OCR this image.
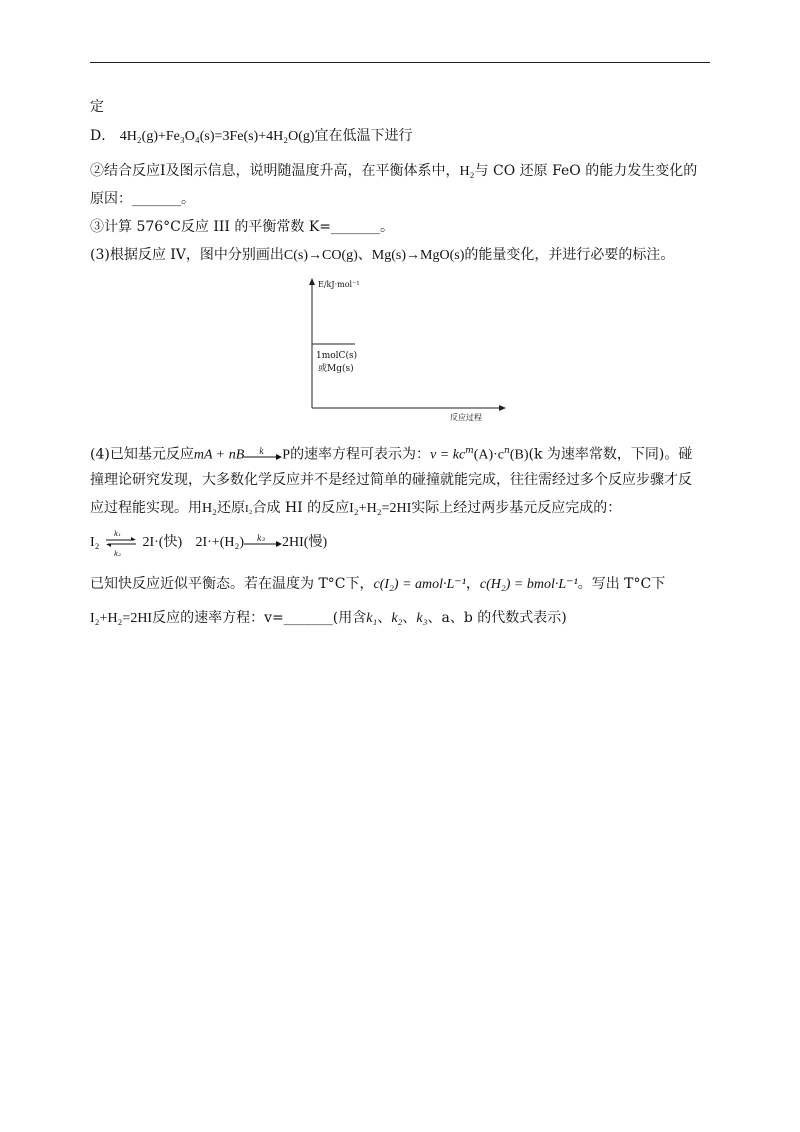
定
D． 4H₂(g)+Fe₃O₄(s)=3Fe(s)+4H₂O(g)宜在低温下进行
②结合反应Ⅰ及图示信息，说明随温度升高，在平衡体系中，H₂与 CO 还原 FeO 的能力发生变化的
原因：_______。
③计算 576°C反应 III 的平衡常数 K=_______。
(3)根据反应 IV，图中分别画出C(s)→CO(g)、Mg(s)→MgO(s)的能量变化，并进行必要的标注。
E/kJ·mol⁻¹
反应过程
1molC(s)
或Mg(s)
(4)已知基元反应mA + nB k P的速率方程可表示为：$v = kc^m(A)\cdot c^n(B)(k$ 为速率常数，下同)。碰
撞理论研究发现，大多数化学反应并不是经过简单的碰撞就能完成，往往需经过多个反应步骤才反
应过程能实现。用H₂还原I₂合成 HI 的反应I₂+H₂=2HI实际上经过两步基元反应完成的：
I₂
k₁
k₂
2I·(快) 2I·+(H₂) k₃ 2HI(慢)
已知快反应近似平衡态。若在温度为 T°C下，c(I₂) = amol·L⁻¹，c(H₂) = bmol·L⁻¹。写出 T°C下
I₂+H₂=2HI反应的速率方程：v=_______(用含k₁、k₂、k₃、a、b 的代数式表示)
